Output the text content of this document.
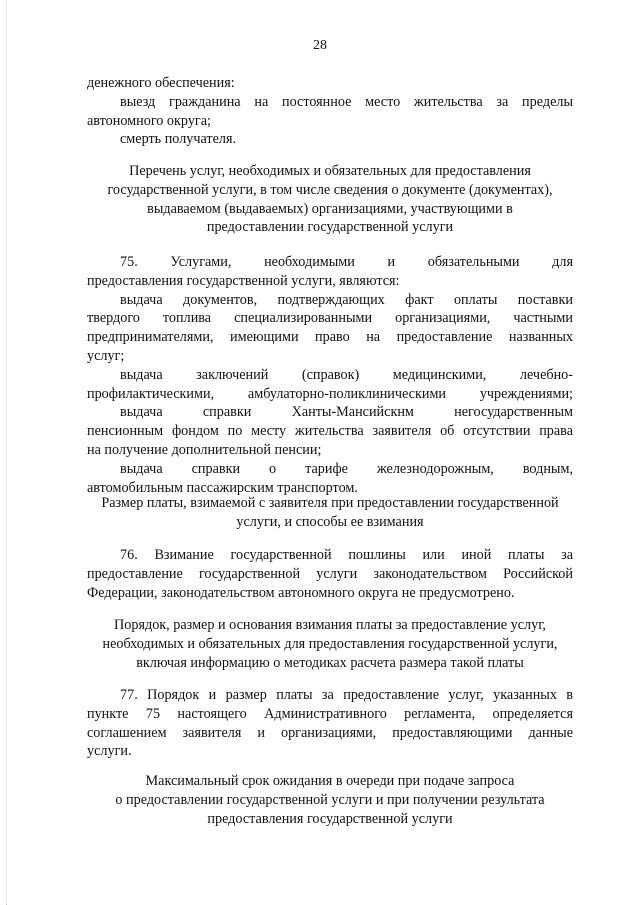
28
денежного обеспечения:
выезд гражданина на постоянное место жительства за пределы
автономного округа;
смерть получателя.
Перечень услуг, необходимых и обязательных для предоставления
государственной услуги, в том числе сведения о документе (документах),
выдаваемом (выдаваемых) организациями, участвующими в
предоставлении государственной услуги
75. Услугами, необходимыми и обязательными для
предоставления государственной услуги, являются:
выдача документов, подтверждающих факт оплаты поставки
твердого топлива специализированными организациями, частными
предпринимателями, имеющими право на предоставление названных
услуг;
выдача заключений (справок) медицинскими, лечебно-
профилактическими, амбулаторно-поликлиническими учреждениями;
выдача справки Ханты-Мансийскнм негосударственным
пенсионным фондом по месту жительства заявителя об отсутствии права
на получение дополнительной пенсии;
выдача справки о тарифе железнодорожным, водным,
автомобильным пассажирским транспортом.
Размер платы, взимаемой с заявителя при предоставлении государственной
услуги, и способы ее взимания
76. Взимание государственной пошлины или иной платы за
предоставление государственной услуги законодательством Российской
Федерации, законодательством автономного округа не предусмотрено.
Порядок, размер и основания взимания платы за предоставление услуг,
необходимых и обязательных для предоставления государственной услуги,
включая информацию о методиках расчета размера такой платы
77. Порядок и размер платы за предоставление услуг, указанных в
пункте 75 настоящего Административного регламента, определяется
соглашением заявителя и организациями, предоставляющими данные
услуги.
Максимальный срок ожидания в очереди при подаче запроса
о предоставлении государственной услуги и при получении результата
предоставления государственной услуги
